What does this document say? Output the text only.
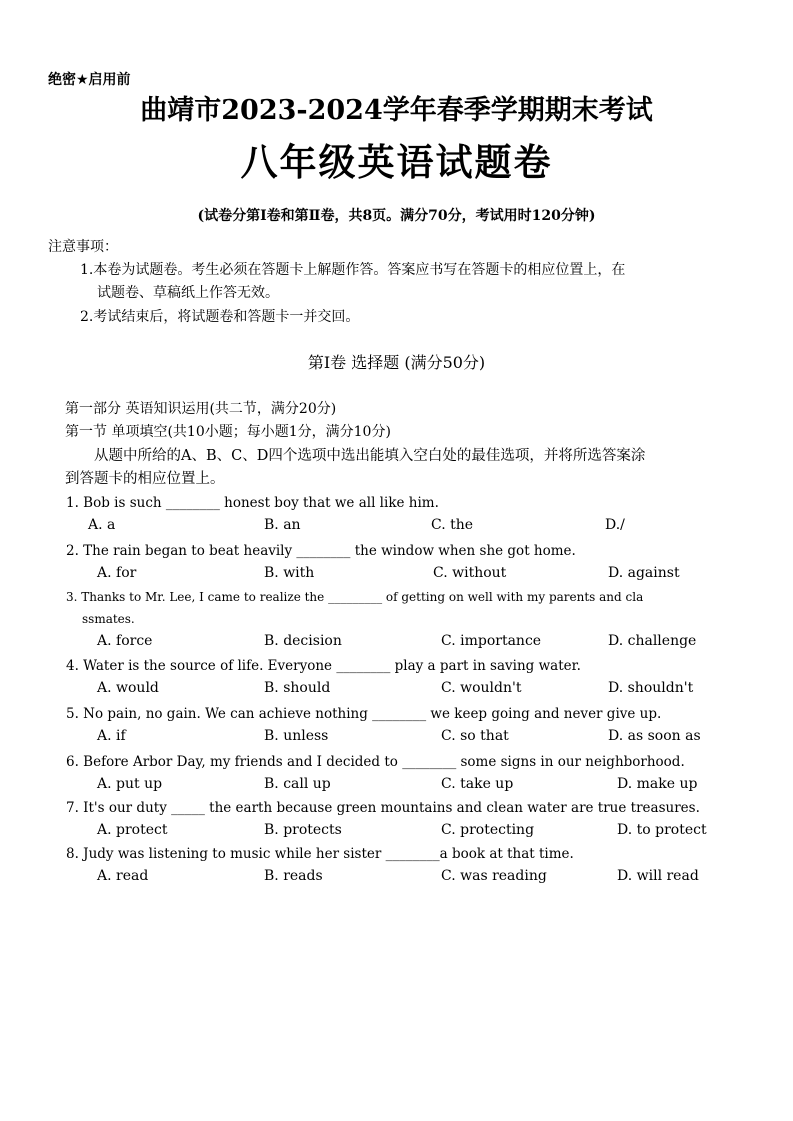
绝密★启用前
曲靖市2023-2024学年春季学期期末考试
八年级英语试题卷
(试卷分第Ⅰ卷和第Ⅱ卷，共8页。满分70分，考试用时120分钟)
注意事项：
1.本卷为试题卷。考生必须在答题卡上解题作答。答案应书写在答题卡的相应位置上，在
试题卷、草稿纸上作答无效。
2.考试结束后，将试题卷和答题卡一并交回。
第Ⅰ卷 选择题 (满分50分)
第一部分 英语知识运用(共二节，满分20分)
第一节 单项填空(共10小题；每小题1分，满分10分)
从题中所给的A、B、C、D四个选项中选出能填入空白处的最佳选项，并将所选答案涂
到答题卡的相应位置上。
1. Bob is such ________ honest boy that we all like him.
A. a	B. an	C. the	D./
2. The rain began to beat heavily ________ the window when she got home.
A. for	B. with	C. without	D. against
3. Thanks to Mr. Lee, I came to realize the _________ of getting on well with my parents and cla
ssmates.
A. force	B. decision	C. importance	D. challenge
4. Water is the source of life. Everyone ________ play a part in saving water.
A. would	B. should	C. wouldn't	D. shouldn't
5. No pain, no gain. We can achieve nothing ________ we keep going and never give up.
A. if	B. unless	C. so that	D. as soon as
6. Before Arbor Day, my friends and I decided to ________ some signs in our neighborhood.
A. put up	B. call up	C. take up	D. make up
7. It's our duty _____ the earth because green mountains and clean water are true treasures.
A. protect	B. protects	C. protecting	D. to protect
8. Judy was listening to music while her sister ________a book at that time.
A. read	B. reads	C. was reading	D. will read
